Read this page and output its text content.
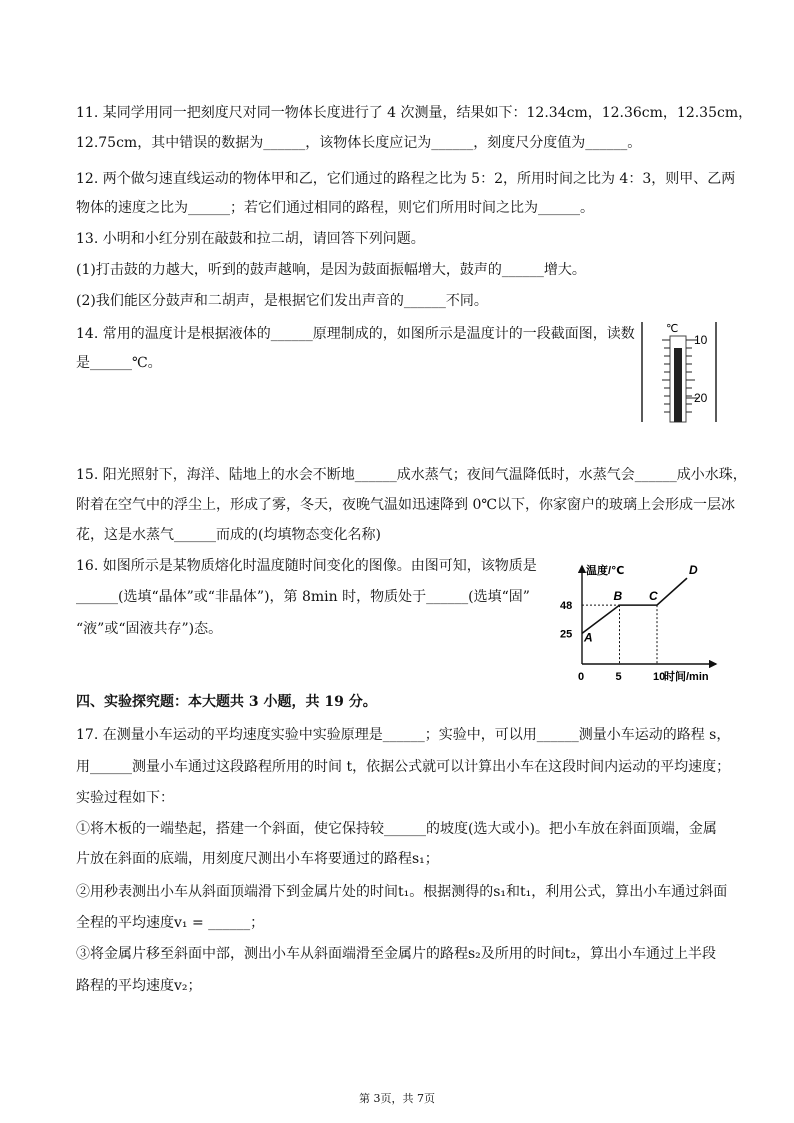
11. 某同学用同一把刻度尺对同一物体长度进行了 4 次测量，结果如下：12.34cm，12.36cm，12.35cm，
12.75cm，其中错误的数据为______，该物体长度应记为______，刻度尺分度值为______。
12. 两个做匀速直线运动的物体甲和乙，它们通过的路程之比为 5：2，所用时间之比为 4：3，则甲、乙两
物体的速度之比为______；若它们通过相同的路程，则它们所用时间之比为______。
13. 小明和小红分别在敲鼓和拉二胡，请回答下列问题。
(1)打击鼓的力越大，听到的鼓声越响，是因为鼓面振幅增大，鼓声的______增大。
(2)我们能区分鼓声和二胡声，是根据它们发出声音的______不同。
14. 常用的温度计是根据液体的______原理制成的，如图所示是温度计的一段截面图，读数
是______℃。
℃
10
20
15. 阳光照射下，海洋、陆地上的水会不断地______成水蒸气；夜间气温降低时，水蒸气会______成小水珠，
附着在空气中的浮尘上，形成了雾，冬天，夜晚气温如迅速降到 0℃以下，你家窗户的玻璃上会形成一层冰
花，这是水蒸气______而成的(均填物态变化名称)
16. 如图所示是某物质熔化时温度随时间变化的图像。由图可知，该物质是
______(选填“晶体”或“非晶体”)，第 8min 时，物质处于______(选填“固”
“液”或“固液共存”)态。
温度/℃
时间/min
0	5	10
25
48
A
B C
D
四、实验探究题：本大题共 3 小题，共 19 分。
17. 在测量小车运动的平均速度实验中实验原理是______；实验中，可以用______测量小车运动的路程 s，
用______测量小车通过这段路程所用的时间 t，依据公式就可以计算出小车在这段时间内运动的平均速度；
实验过程如下：
①将木板的一端垫起，搭建一个斜面，使它保持较______的坡度(选大或小)。把小车放在斜面顶端，金属
片放在斜面的底端，用刻度尺测出小车将要通过的路程s₁；
②用秒表测出小车从斜面顶端滑下到金属片处的时间t₁。根据测得的s₁和t₁，利用公式，算出小车通过斜面
全程的平均速度v₁ = ______；
③将金属片移至斜面中部，测出小车从斜面端滑至金属片的路程s₂及所用的时间t₂，算出小车通过上半段
路程的平均速度v₂；
第 3页，共 7页
